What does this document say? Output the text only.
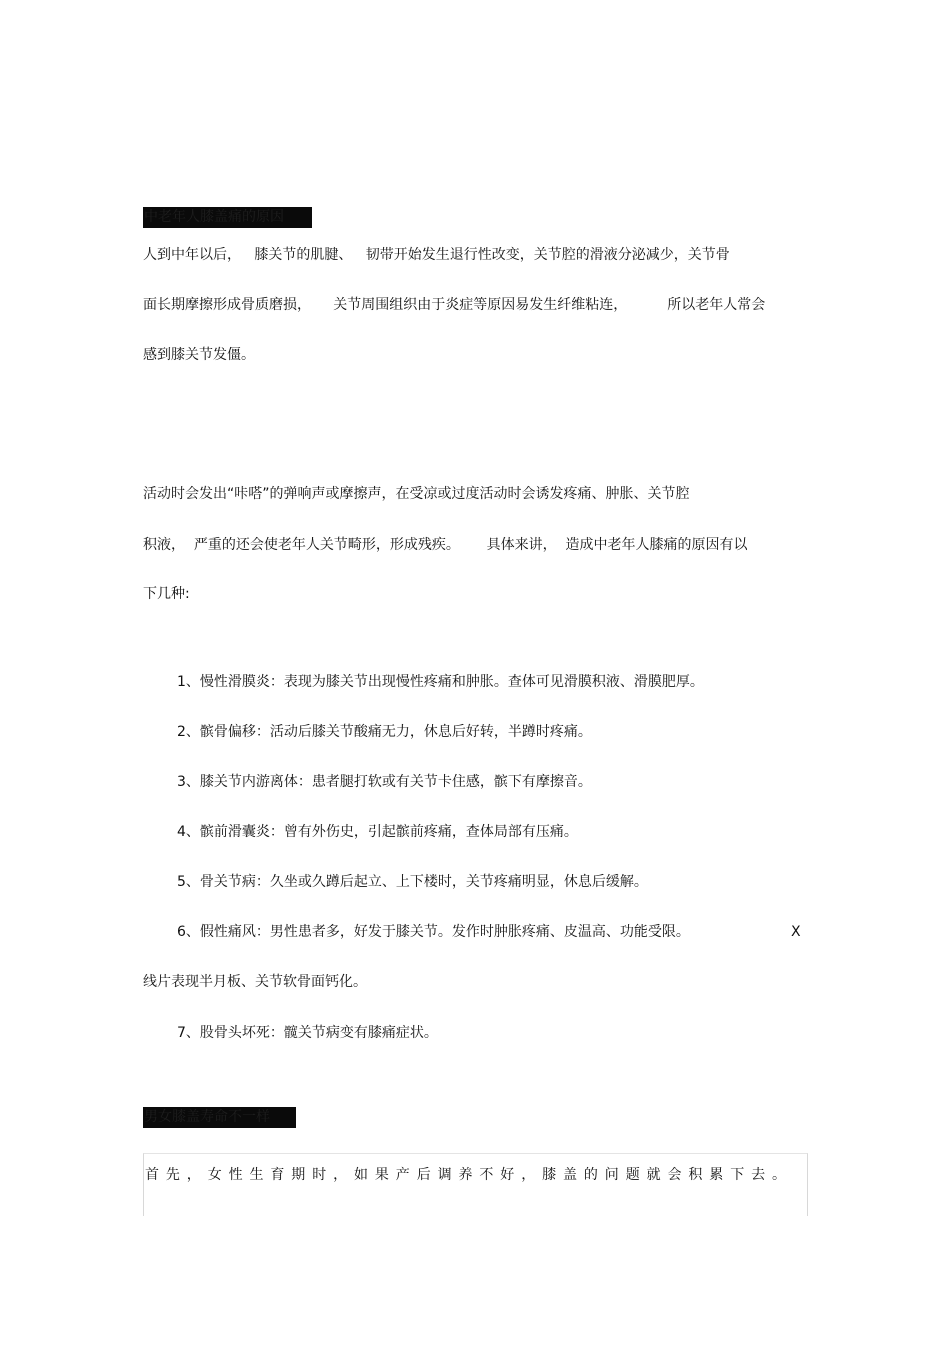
中老年人膝盖痛的原因
人到中年以后，   膝关节的肌腱、   韧带开始发生退行性改变，关节腔的滑液分泌减少，关节骨
面长期摩擦形成骨质磨损，     关节周围组织由于炎症等原因易发生纤维粘连，         所以老年人常会
感到膝关节发僵。
活动时会发出“咔嗒”的弹响声或摩擦声，在受凉或过度活动时会诱发疼痛、肿胀、关节腔
积液，  严重的还会使老年人关节畸形，形成残疾。      具体来讲，  造成中老年人膝痛的原因有以
下几种:
1、慢性滑膜炎：表现为膝关节出现慢性疼痛和肿胀。查体可见滑膜积液、滑膜肥厚。
2、髌骨偏移：活动后膝关节酸痛无力，休息后好转，半蹲时疼痛。
3、膝关节内游离体：患者腿打软或有关节卡住感，髌下有摩擦音。
4、髌前滑囊炎：曾有外伤史，引起髌前疼痛，查体局部有压痛。
5、骨关节病：久坐或久蹲后起立、上下楼时，关节疼痛明显，休息后缓解。
6、假性痛风：男性患者多，好发于膝关节。发作时肿胀疼痛、皮温高、功能受限。	X
线片表现半月板、关节软骨面钙化。
7、股骨头坏死：髋关节病变有膝痛症状。
男女膝盖寿命不一样
首先，女性生育期时，如果产后调养不好，膝盖的问题就会积累下去。
